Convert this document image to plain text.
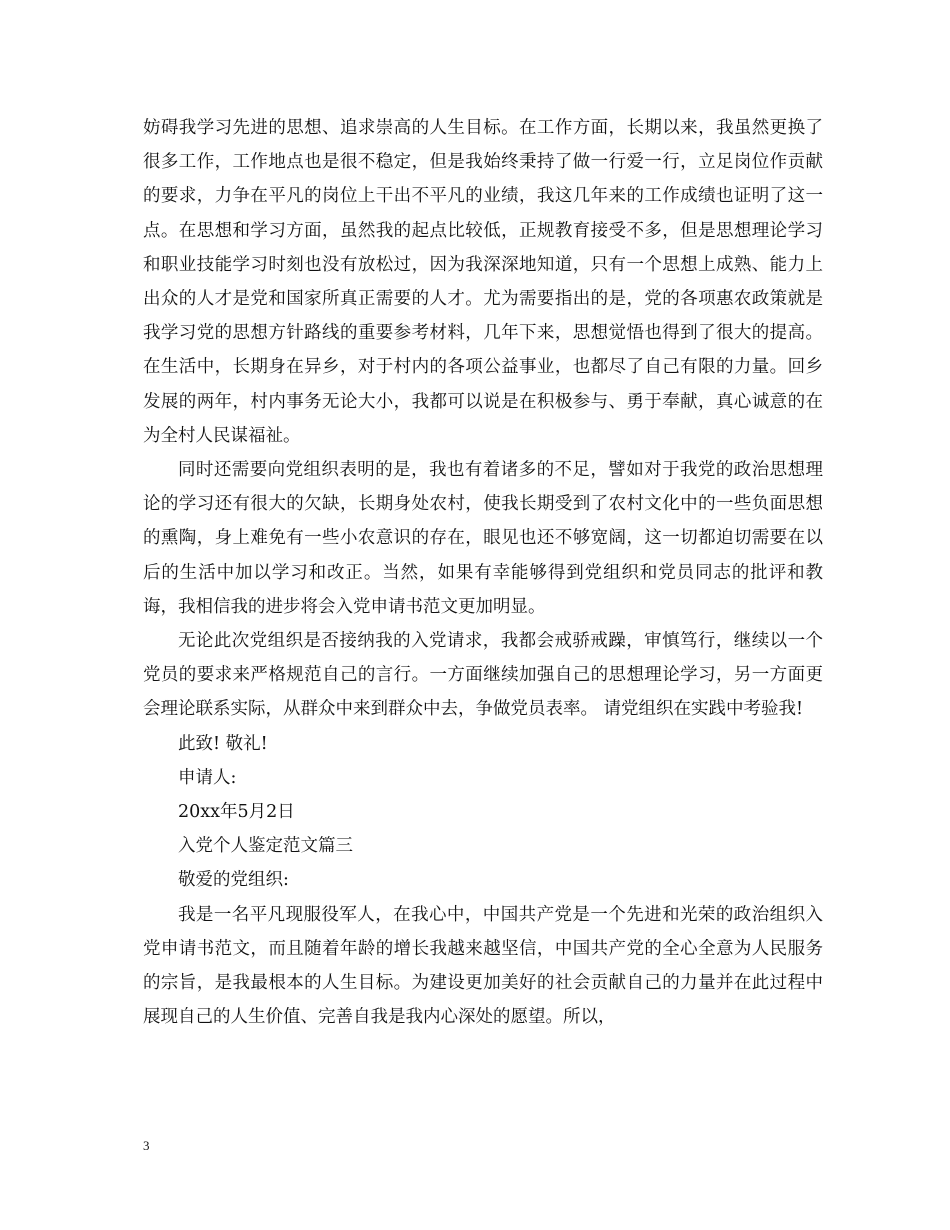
妨碍我学习先进的思想、追求崇高的人生目标。在工作方面，长期以来，我虽然更换了很多工作，工作地点也是很不稳定，但是我始终秉持了做一行爱一行，立足岗位作贡献的要求，力争在平凡的岗位上干出不平凡的业绩，我这几年来的工作成绩也证明了这一点。在思想和学习方面，虽然我的起点比较低，正规教育接受不多，但是思想理论学习和职业技能学习时刻也没有放松过，因为我深深地知道，只有一个思想上成熟、能力上出众的人才是党和国家所真正需要的人才。尤为需要指出的是，党的各项惠农政策就是我学习党的思想方针路线的重要参考材料，几年下来，思想觉悟也得到了很大的提高。在生活中，长期身在异乡，对于村内的各项公益事业，也都尽了自己有限的力量。回乡发展的两年，村内事务无论大小，我都可以说是在积极参与、勇于奉献，真心诚意的在为全村人民谋福祉。

同时还需要向党组织表明的是，我也有着诸多的不足，譬如对于我党的政治思想理论的学习还有很大的欠缺，长期身处农村，使我长期受到了农村文化中的一些负面思想的熏陶，身上难免有一些小农意识的存在，眼见也还不够宽阔，这一切都迫切需要在以后的生活中加以学习和改正。当然，如果有幸能够得到党组织和党员同志的批评和教诲，我相信我的进步将会入党申请书范文更加明显。

无论此次党组织是否接纳我的入党请求，我都会戒骄戒躁，审慎笃行，继续以一个党员的要求来严格规范自己的言行。一方面继续加强自己的思想理论学习，另一方面更会理论联系实际，从群众中来到群众中去，争做党员表率。 请党组织在实践中考验我!

此致! 敬礼!

申请人:

20xx年5月2日

入党个人鉴定范文篇三

敬爱的党组织:

我是一名平凡现服役军人，在我心中，中国共产党是一个先进和光荣的政治组织入党申请书范文，而且随着年龄的增长我越来越坚信，中国共产党的全心全意为人民服务的宗旨，是我最根本的人生目标。为建设更加美好的社会贡献自己的力量并在此过程中展现自己的人生价值、完善自我是我内心深处的愿望。所以，

3
